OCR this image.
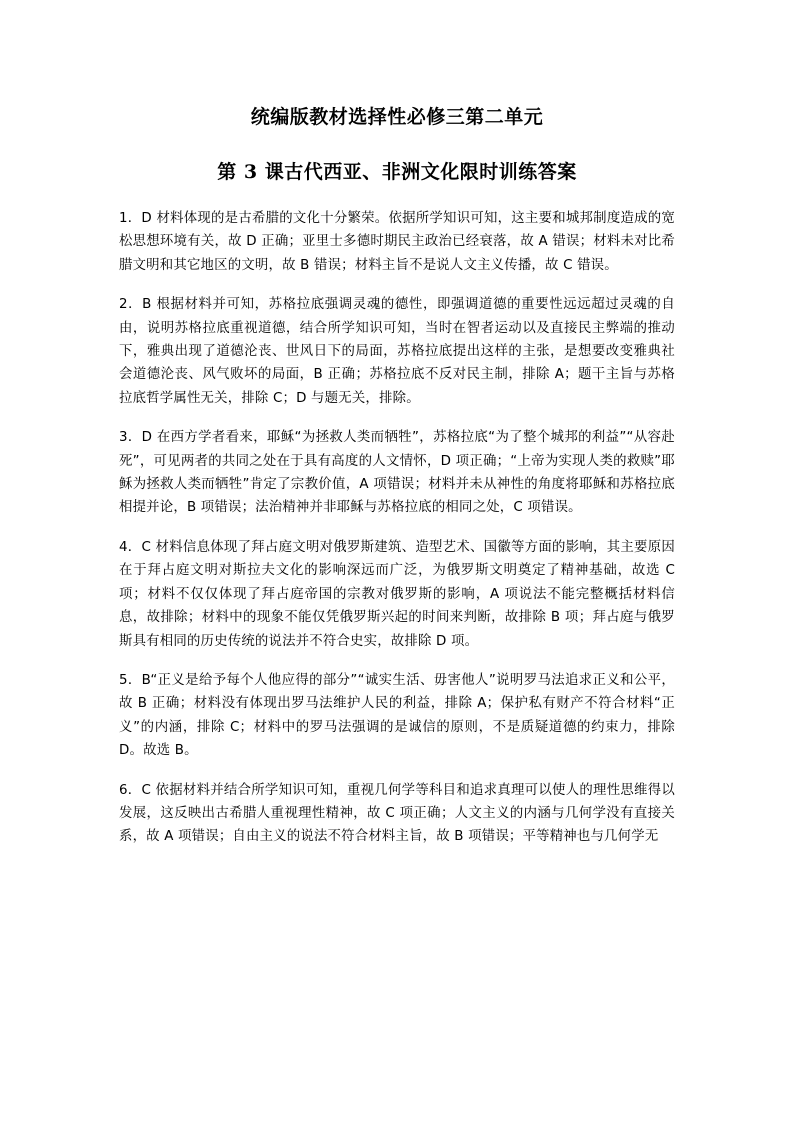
统编版教材选择性必修三第二单元
第 3 课古代西亚、非洲文化限时训练答案

1．D 材料体现的是古希腊的文化十分繁荣。依据所学知识可知，这主要和城邦制度造成的宽松思想环境有关，故 D 正确；亚里士多德时期民主政治已经衰落，故 A 错误；材料未对比希腊文明和其它地区的文明，故 B 错误；材料主旨不是说人文主义传播，故 C 错误。

2．B 根据材料并可知，苏格拉底强调灵魂的德性，即强调道德的重要性远远超过灵魂的自由，说明苏格拉底重视道德，结合所学知识可知，当时在智者运动以及直接民主弊端的推动下，雅典出现了道德沦丧、世风日下的局面，苏格拉底提出这样的主张，是想要改变雅典社会道德沦丧、风气败坏的局面，B 正确；苏格拉底不反对民主制，排除 A；题干主旨与苏格拉底哲学属性无关，排除 C；D 与题无关，排除。

3．D 在西方学者看来，耶稣“为拯救人类而牺牲”，苏格拉底“为了整个城邦的利益”“从容赴死”，可见两者的共同之处在于具有高度的人文情怀，D 项正确；“上帝为实现人类的救赎”耶稣为拯救人类而牺牲”肯定了宗教价值，A 项错误；材料并未从神性的角度将耶稣和苏格拉底相提并论，B 项错误；法治精神并非耶稣与苏格拉底的相同之处，C 项错误。

4．C 材料信息体现了拜占庭文明对俄罗斯建筑、造型艺术、国徽等方面的影响，其主要原因在于拜占庭文明对斯拉夫文化的影响深远而广泛，为俄罗斯文明奠定了精神基础，故选 C 项；材料不仅仅体现了拜占庭帝国的宗教对俄罗斯的影响，A 项说法不能完整概括材料信息，故排除；材料中的现象不能仅凭俄罗斯兴起的时间来判断，故排除 B 项；拜占庭与俄罗斯具有相同的历史传统的说法并不符合史实，故排除 D 项。

5．B“正义是给予每个人他应得的部分”“诚实生活、毋害他人”说明罗马法追求正义和公平，故 B 正确；材料没有体现出罗马法维护人民的利益，排除 A；保护私有财产不符合材料“正义”的内涵，排除 C；材料中的罗马法强调的是诚信的原则，不是质疑道德的约束力，排除 D。故选 B。

6．C 依据材料并结合所学知识可知，重视几何学等科目和追求真理可以使人的理性思维得以发展，这反映出古希腊人重视理性精神，故 C 项正确；人文主义的内涵与几何学没有直接关系，故 A 项错误；自由主义的说法不符合材料主旨，故 B 项错误；平等精神也与几何学无
